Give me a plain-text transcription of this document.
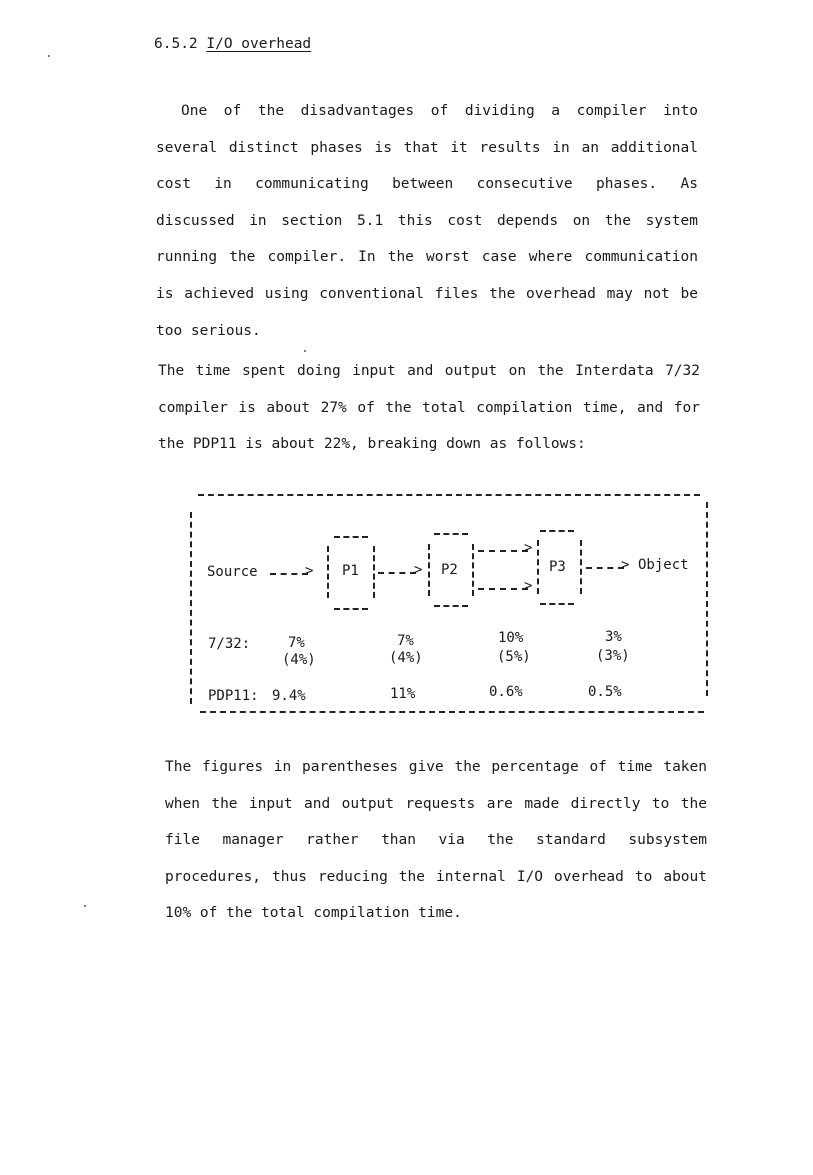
6.5.2 I/O overhead
One of the disadvantages of dividing a compiler into
several distinct phases is that it results in an additional
cost in communicating between consecutive phases. As
discussed in section 5.1 this cost depends on the system
running the compiler. In the worst case where communication
is achieved using conventional files the overhead may not be
too serious.
The time spent doing input and output on the Interdata 7/32
compiler is about 27% of the total compilation time, and for
the PDP11 is about 22%, breaking down as follows:
Source	> P1	> P2
>
>
P3	> Object
7/32:	7%	7%	10%	3%
(4%)	(4%)	(5%)	(3%)
PDP11: 9.4%	11%	0.6%	0.5%
The figures in parentheses give the percentage of time taken
when the input and output requests are made directly to the
file manager rather than via the standard subsystem
procedures, thus reducing the internal I/O overhead to about
10% of the total compilation time.
